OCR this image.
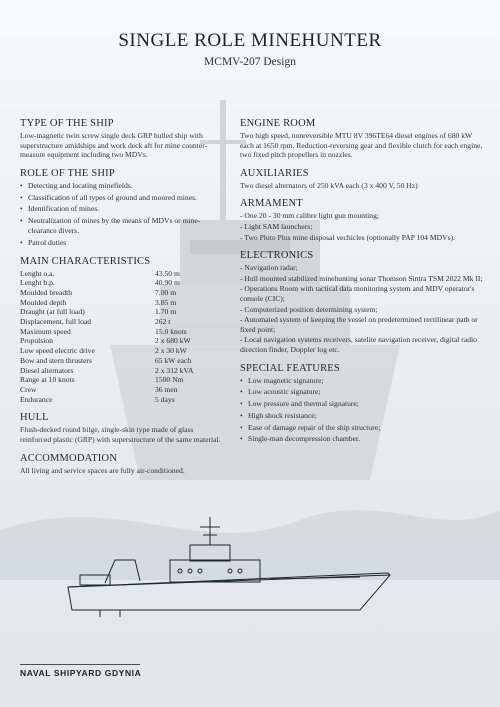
SINGLE ROLE MINEHUNTER
MCMV-207 Design
TYPE OF THE SHIP

Low-magnetic twin screw single deck GRP hulled ship with superstructure amidships and work deck aft for mine counter-measure equipment including two MDVs.

ROLE OF THE SHIP
• Detecting and locating minefields.
• Classification of all types of ground and moored mines.
• Identification of mines.
• Neutralization of mines by the means of MDVs or mine-clearance divers.
• Patrol duties
MAIN CHARACTERISTICS
Lenght o.a.	43.50 m
Lenght b.p.	40.90 m
Moulded breadth	7.00 m
Moulded depth	3.85 m
Draught (at full load)	1.70 m
Displacement, full load	262 t
Maximum speed	15.0 knots
Propulsion	2 x 680 kW
Low speed electric drive	2 x 30 kW
Bow and stern thrusters	65 kW each
Diesel alternators	2 x 312 kVA
Range at 10 knots	1500 Nm
Crew	36 men
Endurance	5 days
HULL

Flush-decked round bilge, single-skin type made of glass reinforced plastic (GRP) with superstructure of the same material.

ACCOMMODATION

All living and service spaces are fully air-conditioned.

ENGINE ROOM

Two high speed, nonreversible MTU 8V 396TE64 diesel engines of 680 kW each at 1650 rpm. Reduction-reversing gear and flexible clutch for each engine, two fixed pitch propellers in nozzles.

AUXILIARIES

Two diesel alternators of 250 kVA each (3 x 400 V, 50 Hz)

ARMAMENT
- One 20 - 30 mm calibre light gun mounting;
- Light SAM launchers;
- Two Pluto Plus mine disposal vechicles (optionally PAP 104 MDVs).
ELECTRONICS
- Navigation radar;
- Hull mounted stabilized minehunting sonar Thomson Sintra TSM 2022 Mk II;
- Operations Room with tactical data monitoring system and MDV operator's console (CIC);
- Computerized position determining system;
- Automated system of keeping the vessel on predetermined rectilinear path or fixed point;
- Local navigation systems receivers, satelite navigation receiver, digital radio direction finder, Doppler log etc.
SPECIAL FEATURES
• Low magnetic signature;
• Low acoustic signature;
• Low pressure and thermal signature;
• High shock resistance;
• Ease of damage repair of the ship structure;
• Single-man decompression chamber.
NAVAL SHIPYARD GDYNIA
